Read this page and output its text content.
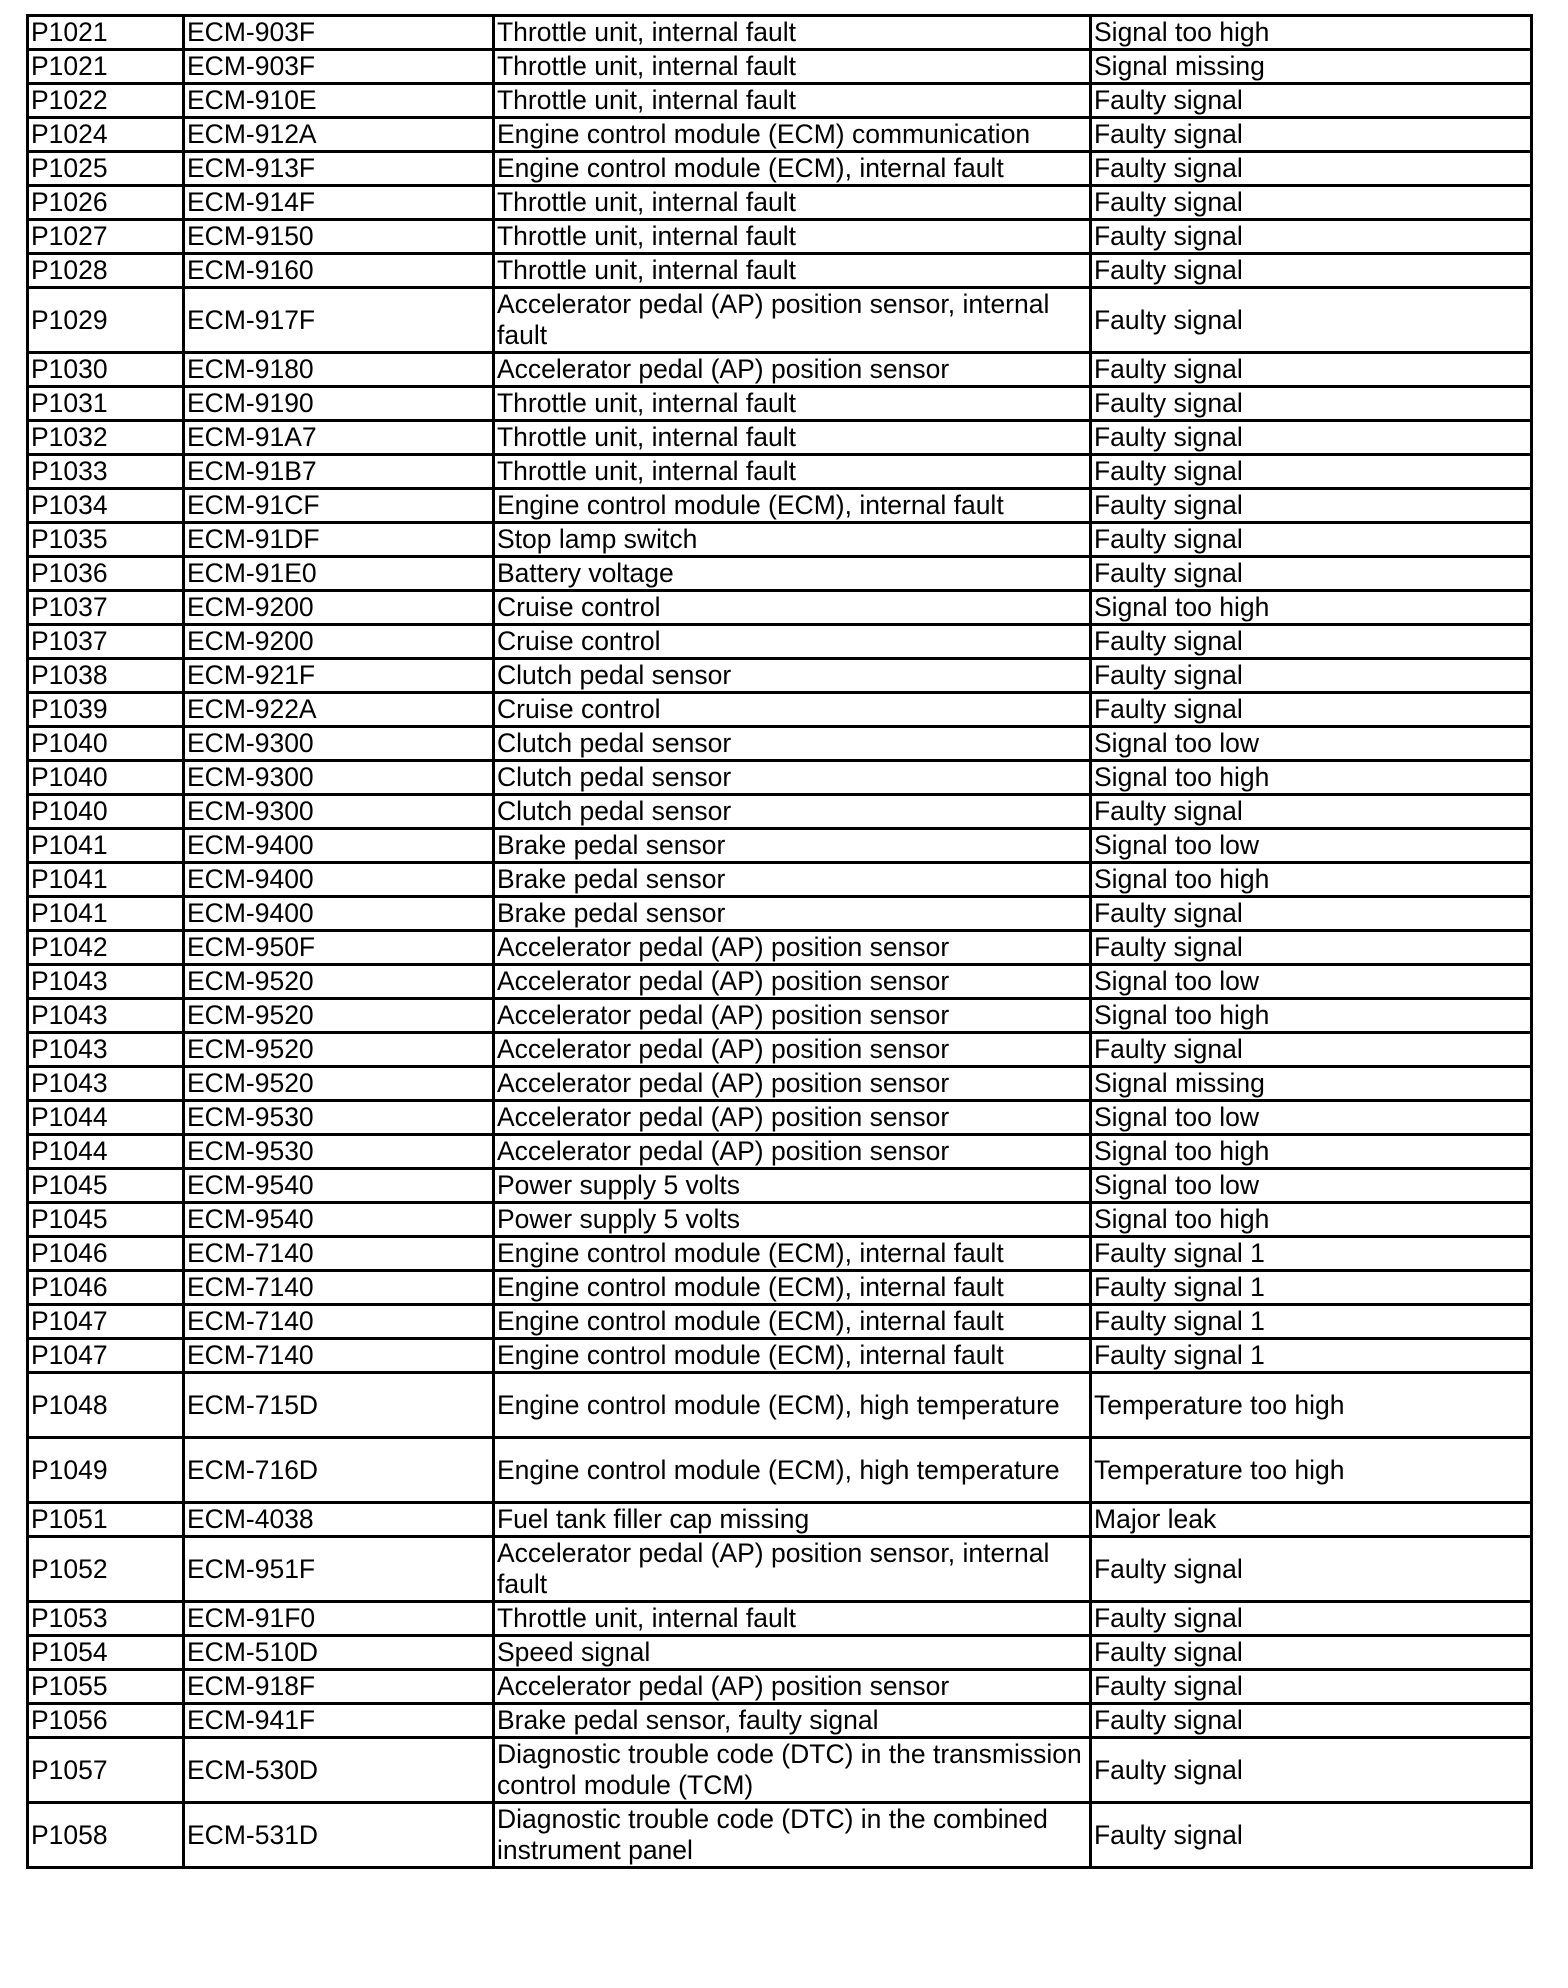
P1021	ECM-903F	Throttle unit, internal fault	Signal too high
P1021	ECM-903F	Throttle unit, internal fault	Signal missing
P1022	ECM-910E	Throttle unit, internal fault	Faulty signal
P1024	ECM-912A	Engine control module (ECM) communication	Faulty signal
P1025	ECM-913F	Engine control module (ECM), internal fault	Faulty signal
P1026	ECM-914F	Throttle unit, internal fault	Faulty signal
P1027	ECM-9150	Throttle unit, internal fault	Faulty signal
P1028	ECM-9160	Throttle unit, internal fault	Faulty signal
P1029	ECM-917F	Accelerator pedal (AP) position sensor, internal fault	Faulty signal
P1030	ECM-9180	Accelerator pedal (AP) position sensor	Faulty signal
P1031	ECM-9190	Throttle unit, internal fault	Faulty signal
P1032	ECM-91A7	Throttle unit, internal fault	Faulty signal
P1033	ECM-91B7	Throttle unit, internal fault	Faulty signal
P1034	ECM-91CF	Engine control module (ECM), internal fault	Faulty signal
P1035	ECM-91DF	Stop lamp switch	Faulty signal
P1036	ECM-91E0	Battery voltage	Faulty signal
P1037	ECM-9200	Cruise control	Signal too high
P1037	ECM-9200	Cruise control	Faulty signal
P1038	ECM-921F	Clutch pedal sensor	Faulty signal
P1039	ECM-922A	Cruise control	Faulty signal
P1040	ECM-9300	Clutch pedal sensor	Signal too low
P1040	ECM-9300	Clutch pedal sensor	Signal too high
P1040	ECM-9300	Clutch pedal sensor	Faulty signal
P1041	ECM-9400	Brake pedal sensor	Signal too low
P1041	ECM-9400	Brake pedal sensor	Signal too high
P1041	ECM-9400	Brake pedal sensor	Faulty signal
P1042	ECM-950F	Accelerator pedal (AP) position sensor	Faulty signal
P1043	ECM-9520	Accelerator pedal (AP) position sensor	Signal too low
P1043	ECM-9520	Accelerator pedal (AP) position sensor	Signal too high
P1043	ECM-9520	Accelerator pedal (AP) position sensor	Faulty signal
P1043	ECM-9520	Accelerator pedal (AP) position sensor	Signal missing
P1044	ECM-9530	Accelerator pedal (AP) position sensor	Signal too low
P1044	ECM-9530	Accelerator pedal (AP) position sensor	Signal too high
P1045	ECM-9540	Power supply 5 volts	Signal too low
P1045	ECM-9540	Power supply 5 volts	Signal too high
P1046	ECM-7140	Engine control module (ECM), internal fault	Faulty signal 1
P1046	ECM-7140	Engine control module (ECM), internal fault	Faulty signal 1
P1047	ECM-7140	Engine control module (ECM), internal fault	Faulty signal 1
P1047	ECM-7140	Engine control module (ECM), internal fault	Faulty signal 1
P1048	ECM-715D	Engine control module (ECM), high temperature	Temperature too high
P1049	ECM-716D	Engine control module (ECM), high temperature	Temperature too high
P1051	ECM-4038	Fuel tank filler cap missing	Major leak
P1052	ECM-951F	Accelerator pedal (AP) position sensor, internal fault	Faulty signal
P1053	ECM-91F0	Throttle unit, internal fault	Faulty signal
P1054	ECM-510D	Speed signal	Faulty signal
P1055	ECM-918F	Accelerator pedal (AP) position sensor	Faulty signal
P1056	ECM-941F	Brake pedal sensor, faulty signal	Faulty signal
P1057	ECM-530D	Diagnostic trouble code (DTC) in the transmission control module (TCM)	Faulty signal
P1058	ECM-531D	Diagnostic trouble code (DTC) in the combined instrument panel	Faulty signal
